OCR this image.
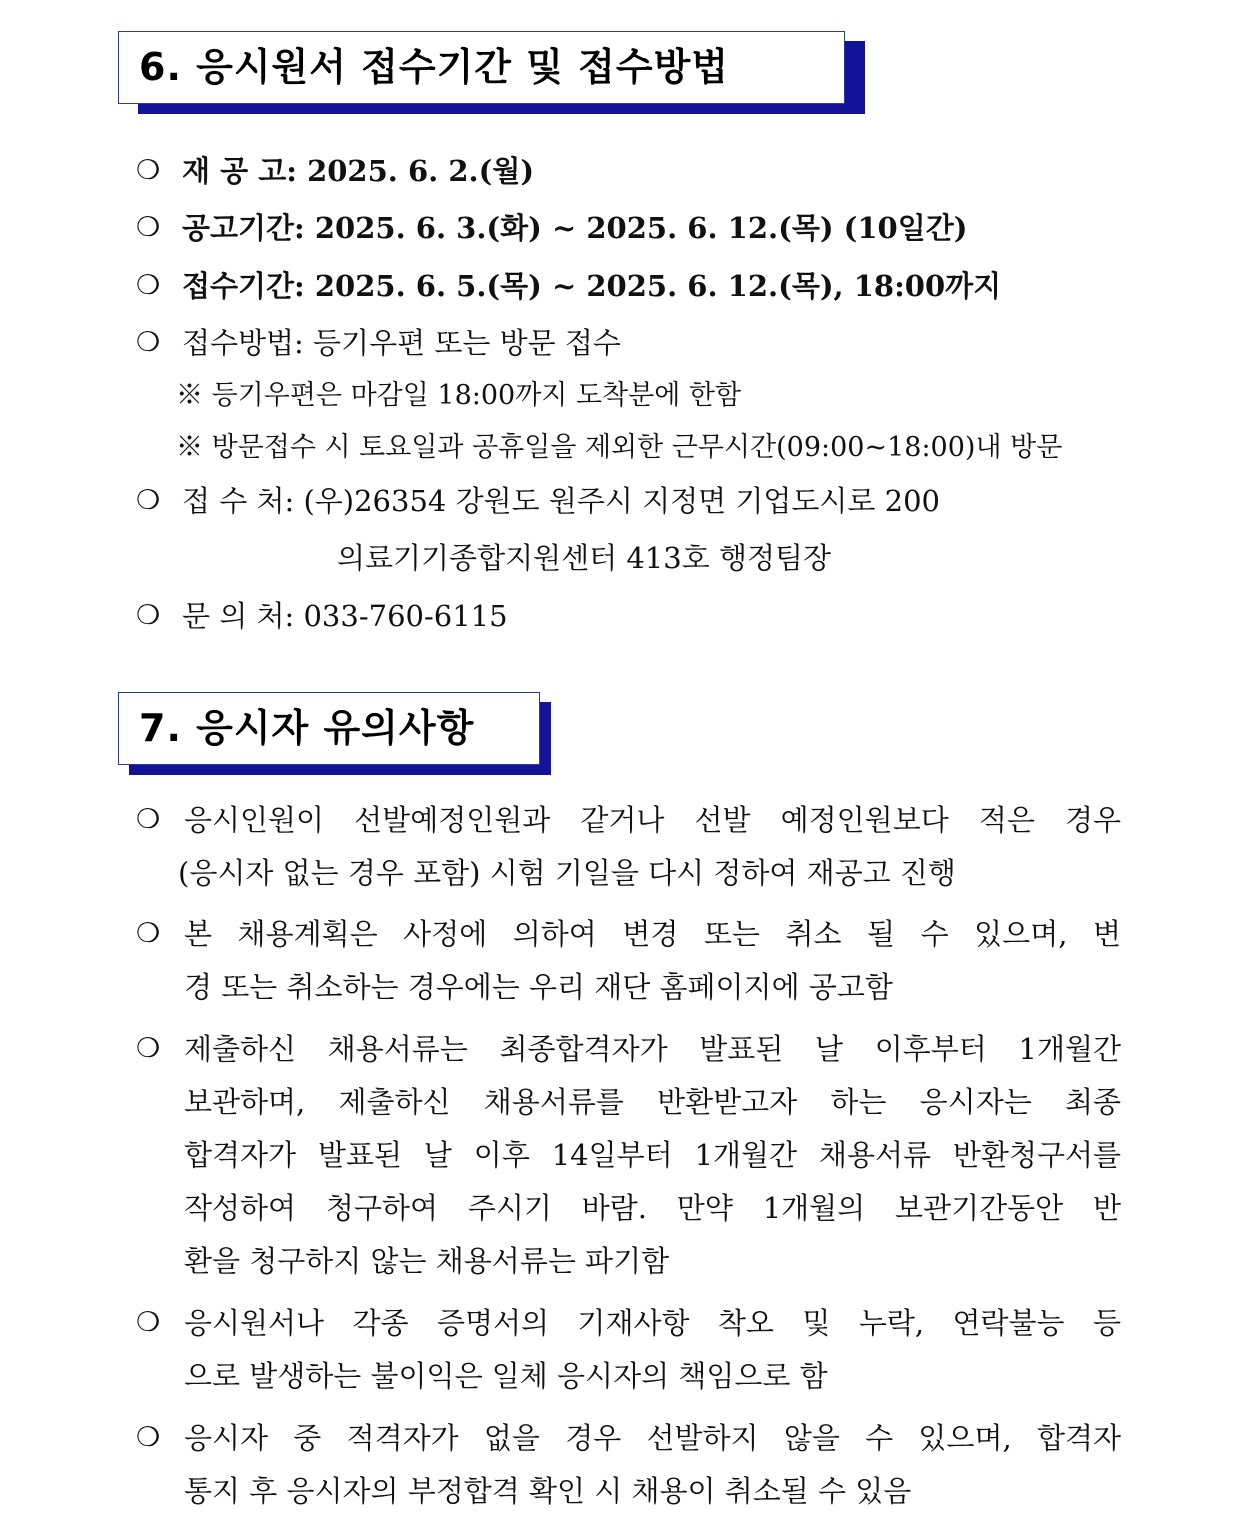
6. 응시원서 접수기간 및 접수방법
❍ 재 공 고: 2025. 6. 2.(월)
❍ 공고기간: 2025. 6. 3.(화) ~ 2025. 6. 12.(목) (10일간)
❍ 접수기간: 2025. 6. 5.(목) ~ 2025. 6. 12.(목), 18:00까지
❍ 접수방법: 등기우편 또는 방문 접수
※ 등기우편은 마감일 18:00까지 도착분에 한함
※ 방문접수 시 토요일과 공휴일을 제외한 근무시간(09:00~18:00)내 방문
❍ 접 수 처: (우)26354 강원도 원주시 지정면 기업도시로 200
의료기기종합지원센터 413호 행정팀장
❍ 문 의 처: 033-760-6115
7. 응시자 유의사항
❍ 응시인원이 선발예정인원과 같거나 선발 예정인원보다 적은 경우
(응시자 없는 경우 포함) 시험 기일을 다시 정하여 재공고 진행
❍ 본 채용계획은 사정에 의하여 변경 또는 취소 될 수 있으며, 변
경 또는 취소하는 경우에는 우리 재단 홈페이지에 공고함
❍ 제출하신 채용서류는 최종합격자가 발표된 날 이후부터 1개월간
보관하며, 제출하신 채용서류를 반환받고자 하는 응시자는 최종
합격자가 발표된 날 이후 14일부터 1개월간 채용서류 반환청구서를
작성하여 청구하여 주시기 바람. 만약 1개월의 보관기간동안 반
환을 청구하지 않는 채용서류는 파기함
❍ 응시원서나 각종 증명서의 기재사항 착오 및 누락, 연락불능 등
으로 발생하는 불이익은 일체 응시자의 책임으로 함
❍ 응시자 중 적격자가 없을 경우 선발하지 않을 수 있으며, 합격자
통지 후 응시자의 부정합격 확인 시 채용이 취소될 수 있음
